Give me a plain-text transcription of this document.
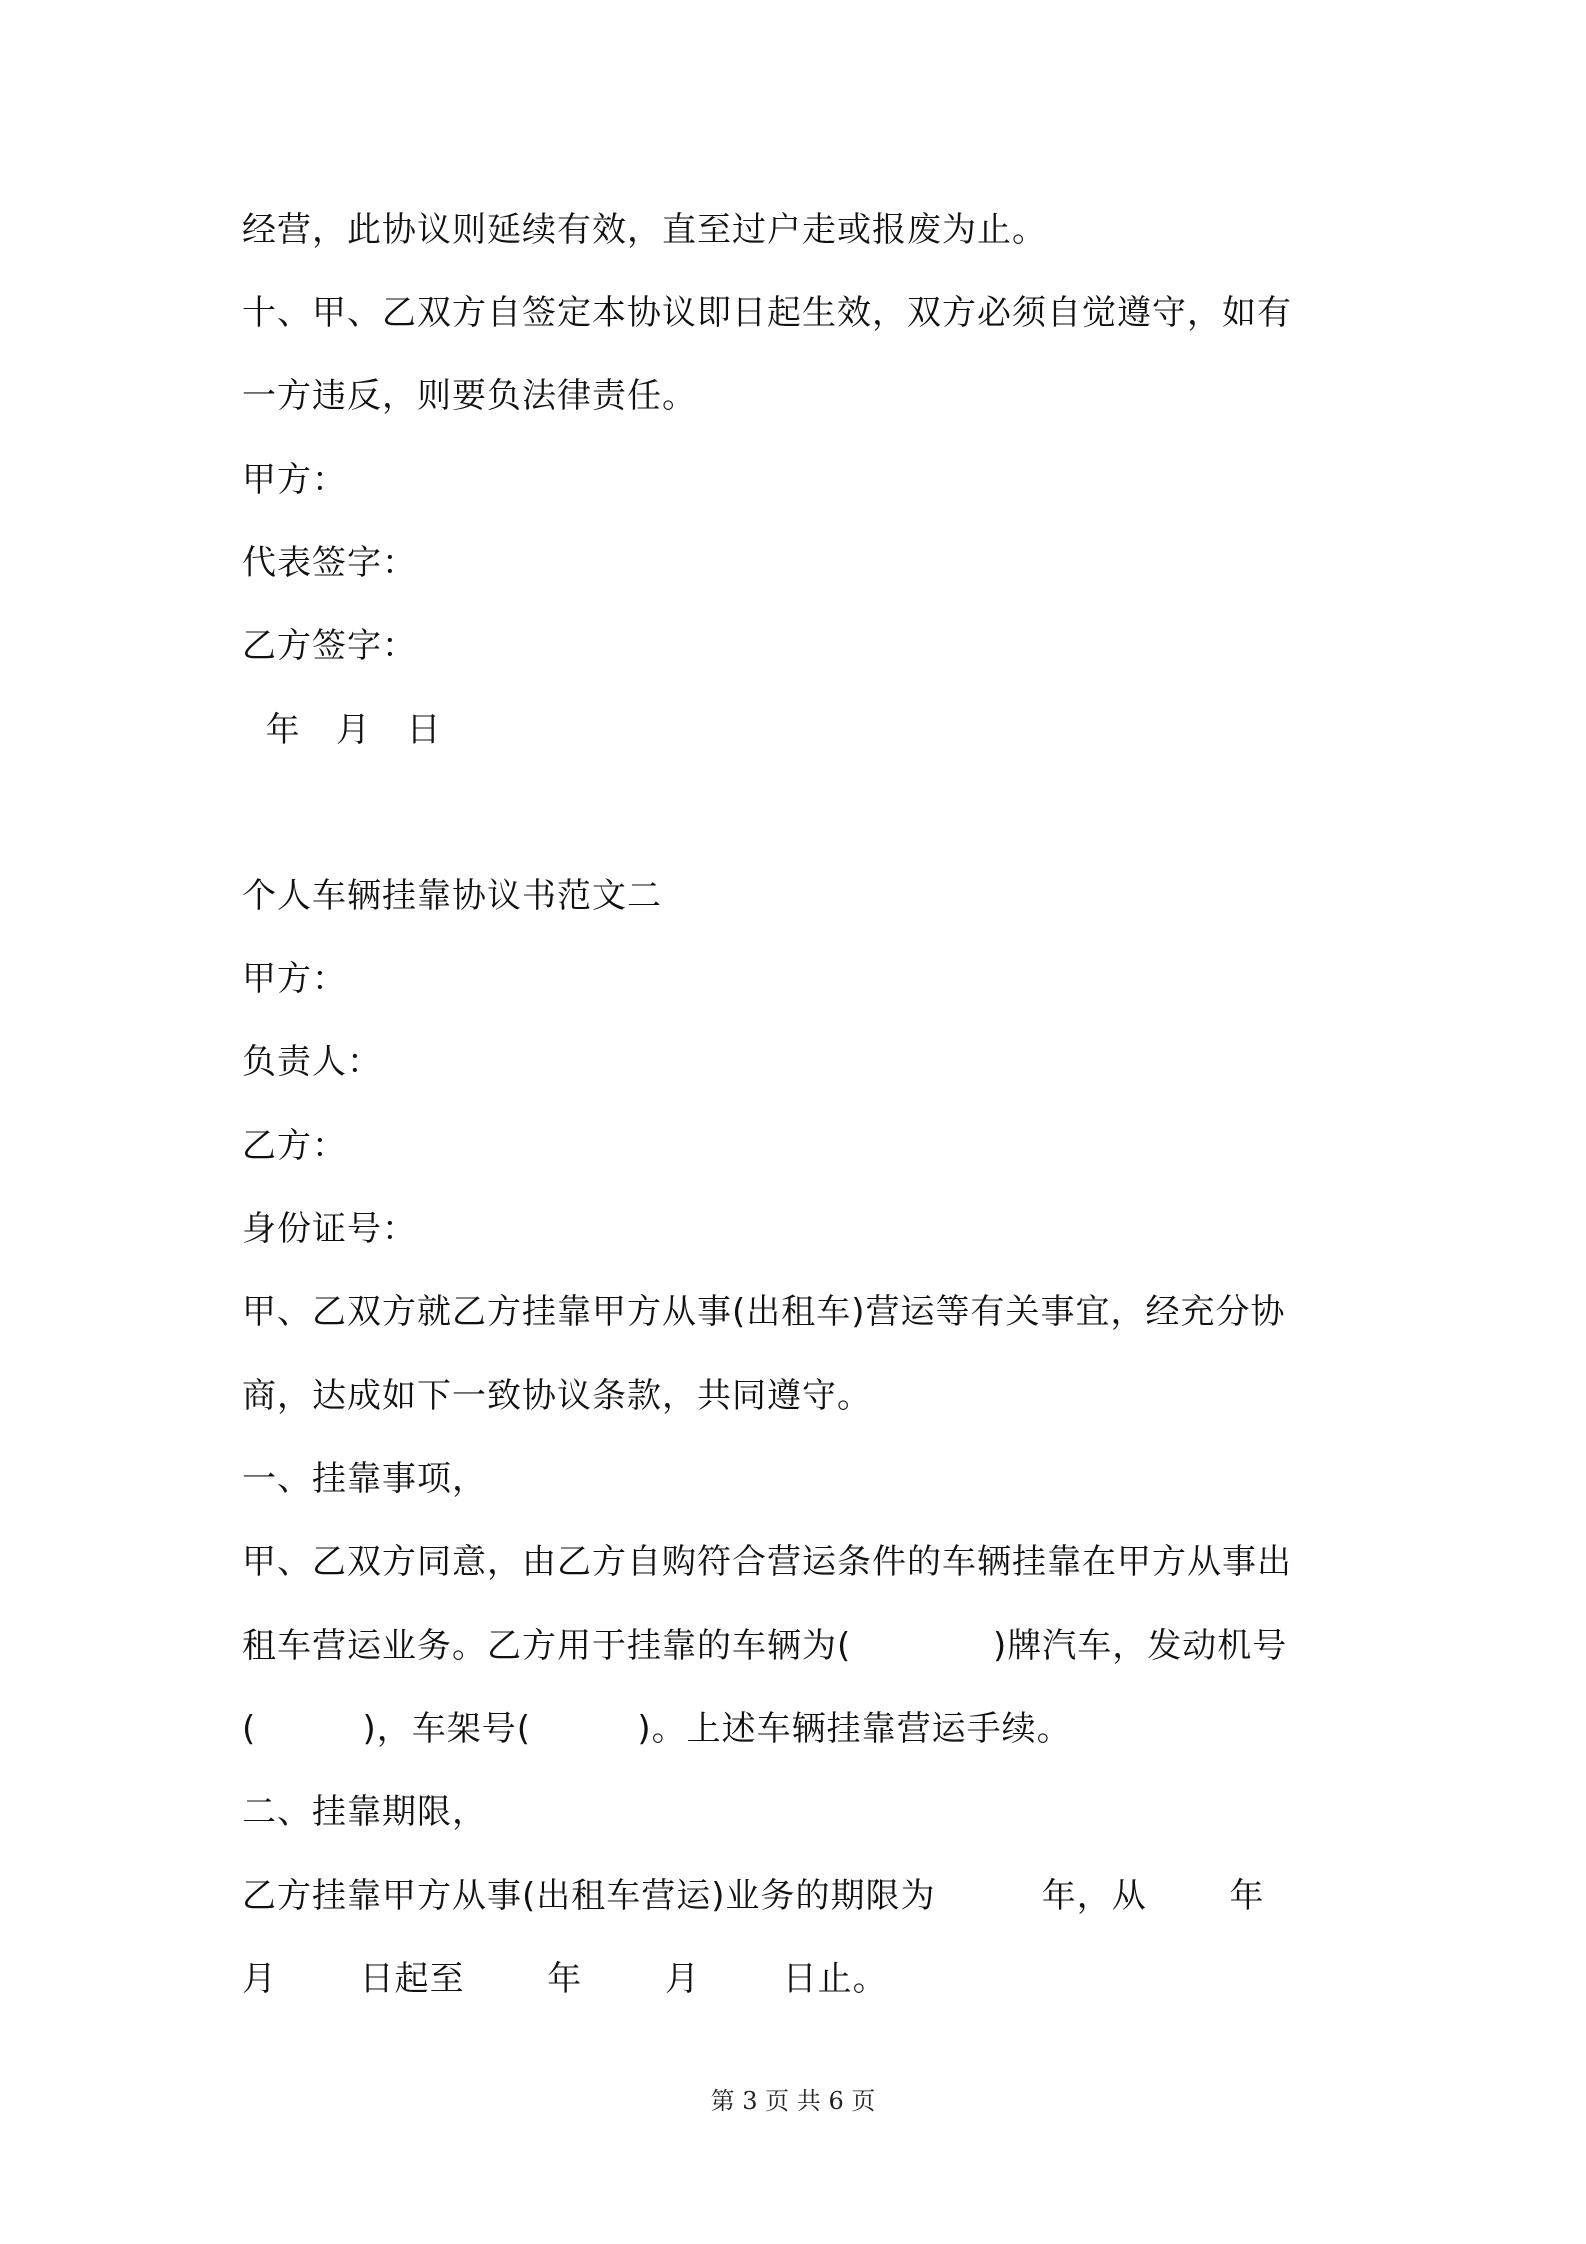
经营，此协议则延续有效，直至过户走或报废为止。
十、甲、乙双方自签定本协议即日起生效，双方必须自觉遵守，如有
一方违反，则要负法律责任。
甲方：
代表签字：
乙方签字：
年   月   日
个人车辆挂靠协议书范文二
甲方：
负责人：
乙方：
身份证号：
甲、乙双方就乙方挂靠甲方从事(出租车)营运等有关事宜，经充分协
商，达成如下一致协议条款，共同遵守。
一、挂靠事项，
甲、乙双方同意，由乙方自购符合营运条件的车辆挂靠在甲方从事出
租车营运业务。乙方用于挂靠的车辆为(            )牌汽车，发动机号
(         )，车架号(         )。上述车辆挂靠营运手续。
二、挂靠期限，
乙方挂靠甲方从事(出租车营运)业务的期限为         年，从       年
月       日起至       年       月       日止。
第 3 页 共 6 页
